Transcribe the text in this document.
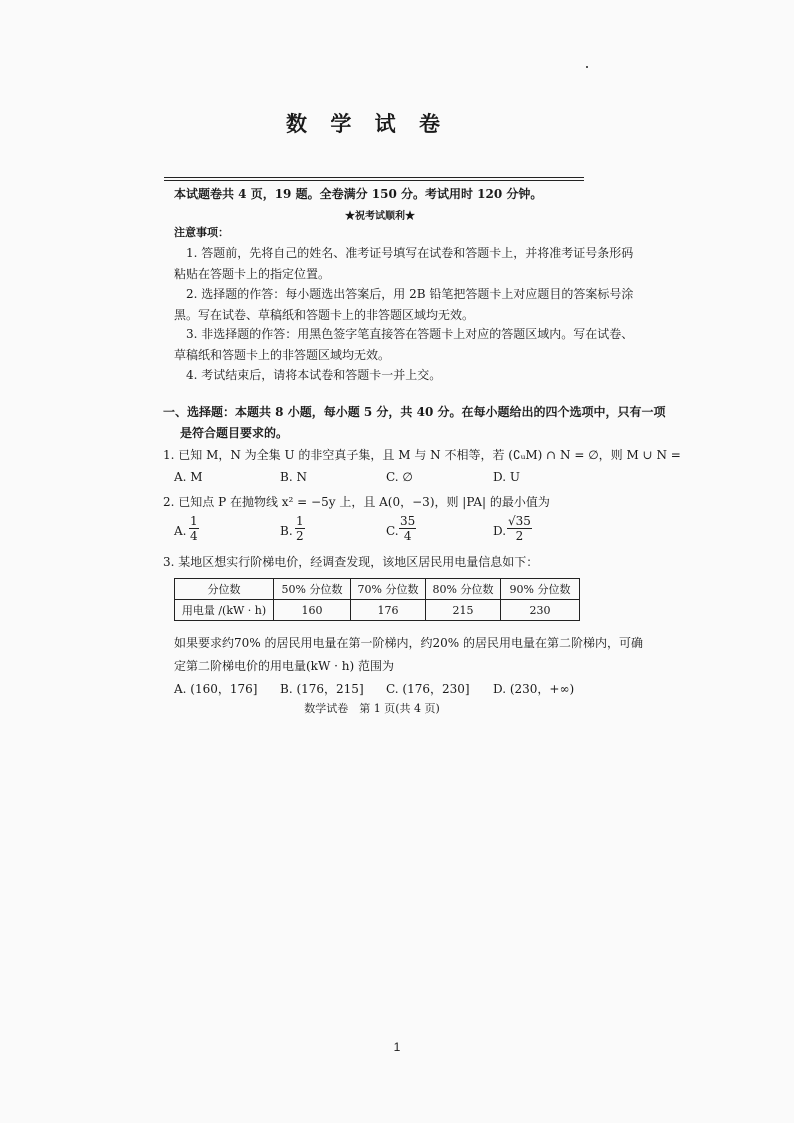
数 学 试 卷
本试题卷共 4 页，19 题。全卷满分 150 分。考试用时 120 分钟。
★祝考试顺利★
注意事项：
1. 答题前，先将自己的姓名、准考证号填写在试卷和答题卡上，并将准考证号条形码
粘贴在答题卡上的指定位置。
2. 选择题的作答：每小题选出答案后，用 2B 铅笔把答题卡上对应题目的答案标号涂
黑。写在试卷、草稿纸和答题卡上的非答题区域均无效。
3. 非选择题的作答：用黑色签字笔直接答在答题卡上对应的答题区域内。写在试卷、
草稿纸和答题卡上的非答题区域均无效。
4. 考试结束后，请将本试卷和答题卡一并上交。
一、选择题：本题共 8 小题，每小题 5 分，共 40 分。在每小题给出的四个选项中，只有一项
是符合题目要求的。
1. 已知 M，N 为全集 U 的非空真子集，且 M 与 N 不相等，若 (∁ᵤM) ∩ N = ∅，则 M ∪ N =
A. M	B. N	C. ∅	D. U
2. 已知点 P 在抛物线 x² = −5y 上，且 A(0，−3)，则 |PA| 的最小值为
A. $\frac{1}{4}$	B. $\frac{1}{2}$	C. $\frac{35}{4}$	D. $\frac{√35}{2}$
3. 某地区想实行阶梯电价，经调查发现，该地区居民用电量信息如下：
分位数	50% 分位数	70% 分位数	80% 分位数	90% 分位数
用电量 /(kW · h)	160	176	215	230
如果要求约70% 的居民用电量在第一阶梯内，约20% 的居民用电量在第二阶梯内，可确
定第二阶梯电价的用电量(kW · h) 范围为
A. (160，176] B. (176，215] C. (176，230] D. (230，+∞)
数学试卷　第 1 页(共 4 页)
1
